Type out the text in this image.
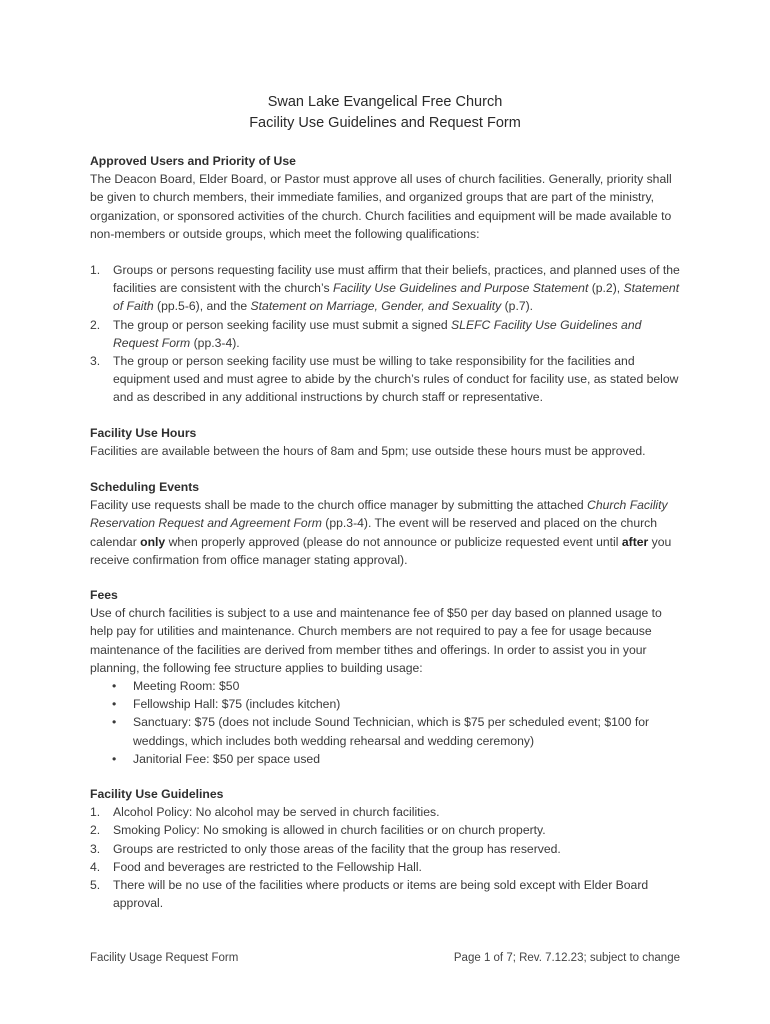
Swan Lake Evangelical Free Church
Facility Use Guidelines and Request Form
Approved Users and Priority of Use

The Deacon Board, Elder Board, or Pastor must approve all uses of church facilities. Generally, priority shall be given to church members, their immediate families, and organized groups that are part of the ministry, organization, or sponsored activities of the church. Church facilities and equipment will be made available to non-members or outside groups, which meet the following qualifications:

1. Groups or persons requesting facility use must affirm that their beliefs, practices, and planned uses of the facilities are consistent with the church’s Facility Use Guidelines and Purpose Statement (p.2), Statement of Faith (pp.5-6), and the Statement on Marriage, Gender, and Sexuality (p.7).
2. The group or person seeking facility use must submit a signed SLEFC Facility Use Guidelines and Request Form (pp.3-4).
3. The group or person seeking facility use must be willing to take responsibility for the facilities and equipment used and must agree to abide by the church’s rules of conduct for facility use, as stated below and as described in any additional instructions by church staff or representative.
Facility Use Hours

Facilities are available between the hours of 8am and 5pm; use outside these hours must be approved.

Scheduling Events

Facility use requests shall be made to the church office manager by submitting the attached Church Facility Reservation Request and Agreement Form (pp.3-4). The event will be reserved and placed on the church calendar only when properly approved (please do not announce or publicize requested event until after you receive confirmation from office manager stating approval).

Fees

Use of church facilities is subject to a use and maintenance fee of $50 per day based on planned usage to help pay for utilities and maintenance. Church members are not required to pay a fee for usage because maintenance of the facilities are derived from member tithes and offerings. In order to assist you in your planning, the following fee structure applies to building usage:

• Meeting Room: $50
• Fellowship Hall: $75 (includes kitchen)
• Sanctuary: $75 (does not include Sound Technician, which is $75 per scheduled event; $100 for weddings, which includes both wedding rehearsal and wedding ceremony)
• Janitorial Fee: $50 per space used
Facility Use Guidelines
1. Alcohol Policy: No alcohol may be served in church facilities.
2. Smoking Policy: No smoking is allowed in church facilities or on church property.
3. Groups are restricted to only those areas of the facility that the group has reserved.
4. Food and beverages are restricted to the Fellowship Hall.
5. There will be no use of the facilities where products or items are being sold except with Elder Board approval.
Facility Usage Request Form	Page 1 of 7; Rev. 7.12.23; subject to change
